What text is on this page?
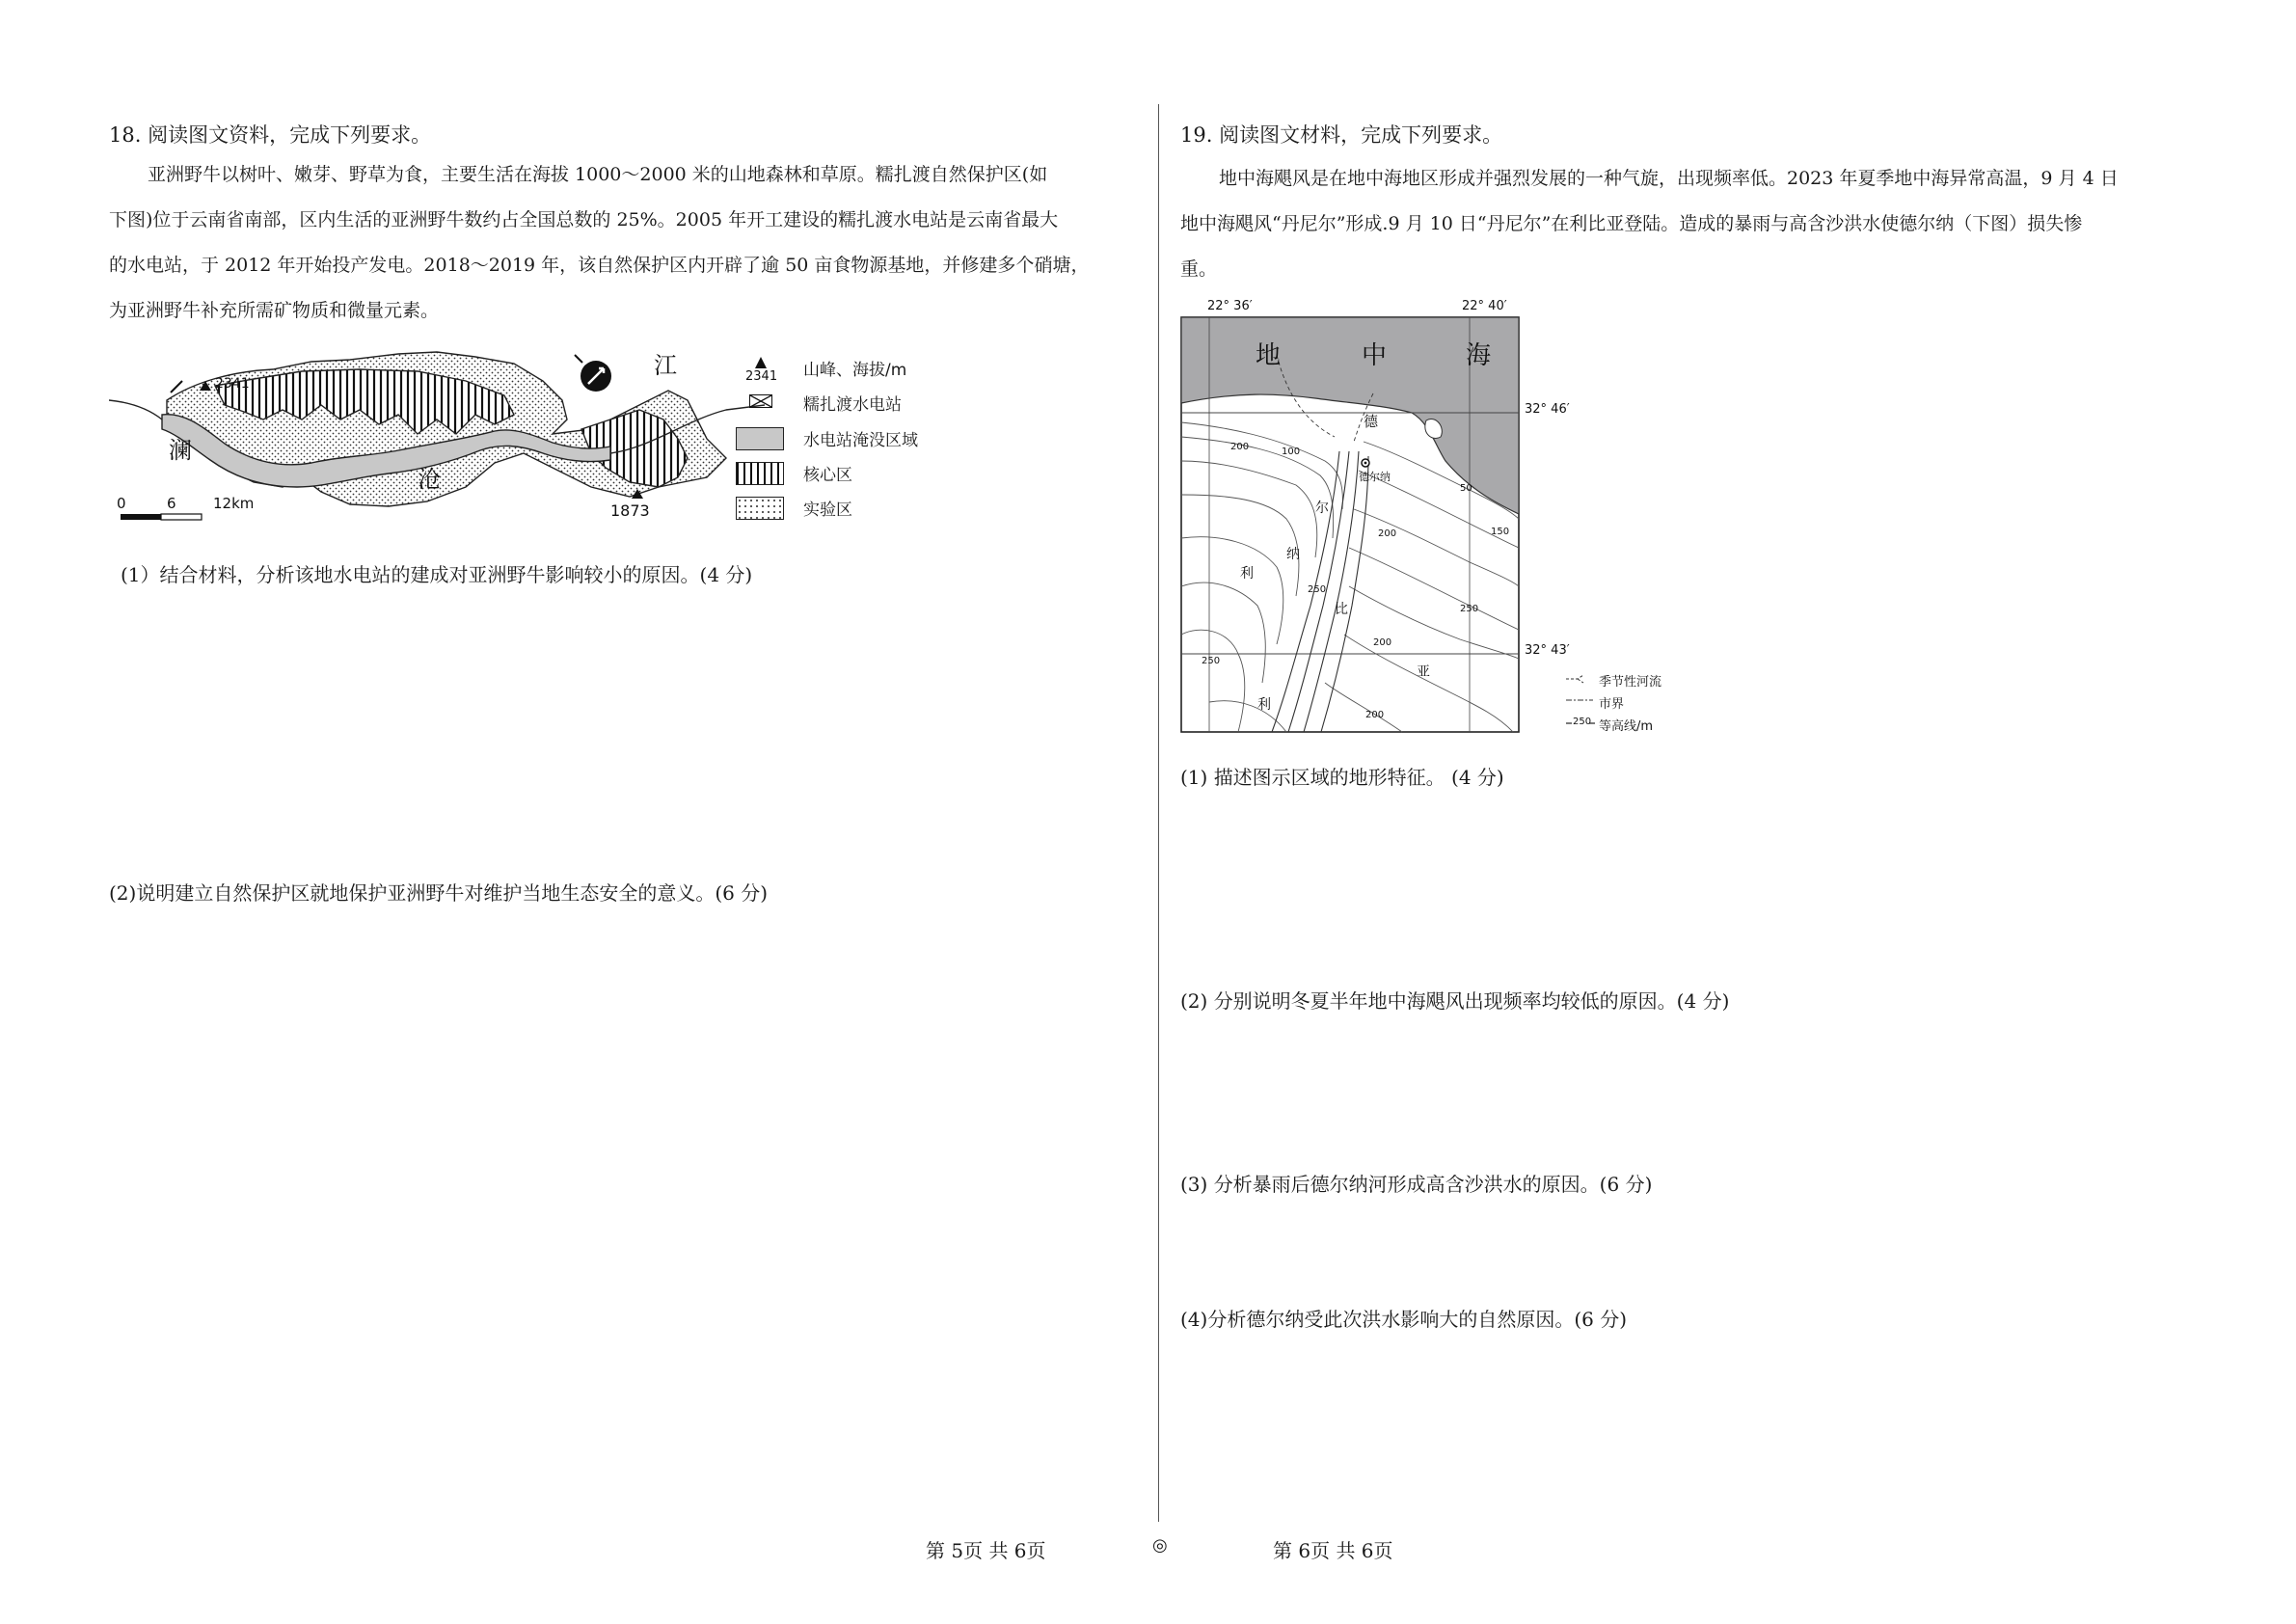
18. 阅读图文资料，完成下列要求。
亚洲野牛以树叶、嫩芽、野草为食，主要生活在海拔 1000～2000 米的山地森林和草原。糯扎渡自然保护区(如
下图)位于云南省南部，区内生活的亚洲野牛数约占全国总数的 25%。2005 年开工建设的糯扎渡水电站是云南省最大
的水电站，于 2012 年开始投产发电。2018～2019 年，该自然保护区内开辟了逾 50 亩食物源基地，并修建多个硝塘，
为亚洲野牛补充所需矿物质和微量元素。
澜
沧
江
2341
1873
0	6	12km
2341 山峰、海拔/m
糯扎渡水电站
水电站淹没区域
核心区
实验区
(1）结合材料，分析该地水电站的建成对亚洲野牛影响较小的原因。(4 分)
(2)说明建立自然保护区就地保护亚洲野牛对维护当地生态安全的意义。(6 分)
19. 阅读图文材料，完成下列要求。
地中海飓风是在地中海地区形成并强烈发展的一种气旋，出现频率低。2023 年夏季地中海异常高温，9 月 4 日
地中海飓风“丹尼尔”形成.9 月 10 日“丹尼尔”在利比亚登陆。造成的暴雨与高含沙洪水使德尔纳（下图）损失惨
重。
22° 36′	22° 40′
32° 46′
32° 43′
地	中	海
德
尔
纳
利
比
亚
利
德尔纳
200	100
50
150
200
250
250
200
250
200
250
季节性河流
市界
等高线/m
(1) 描述图示区域的地形特征。 (4 分)
(2) 分别说明冬夏半年地中海飓风出现频率均较低的原因。(4 分)
(3) 分析暴雨后德尔纳河形成高含沙洪水的原因。(6 分)
(4)分析德尔纳受此次洪水影响大的自然原因。(6 分)
第 5页 共 6页	◎	第 6页 共 6页
